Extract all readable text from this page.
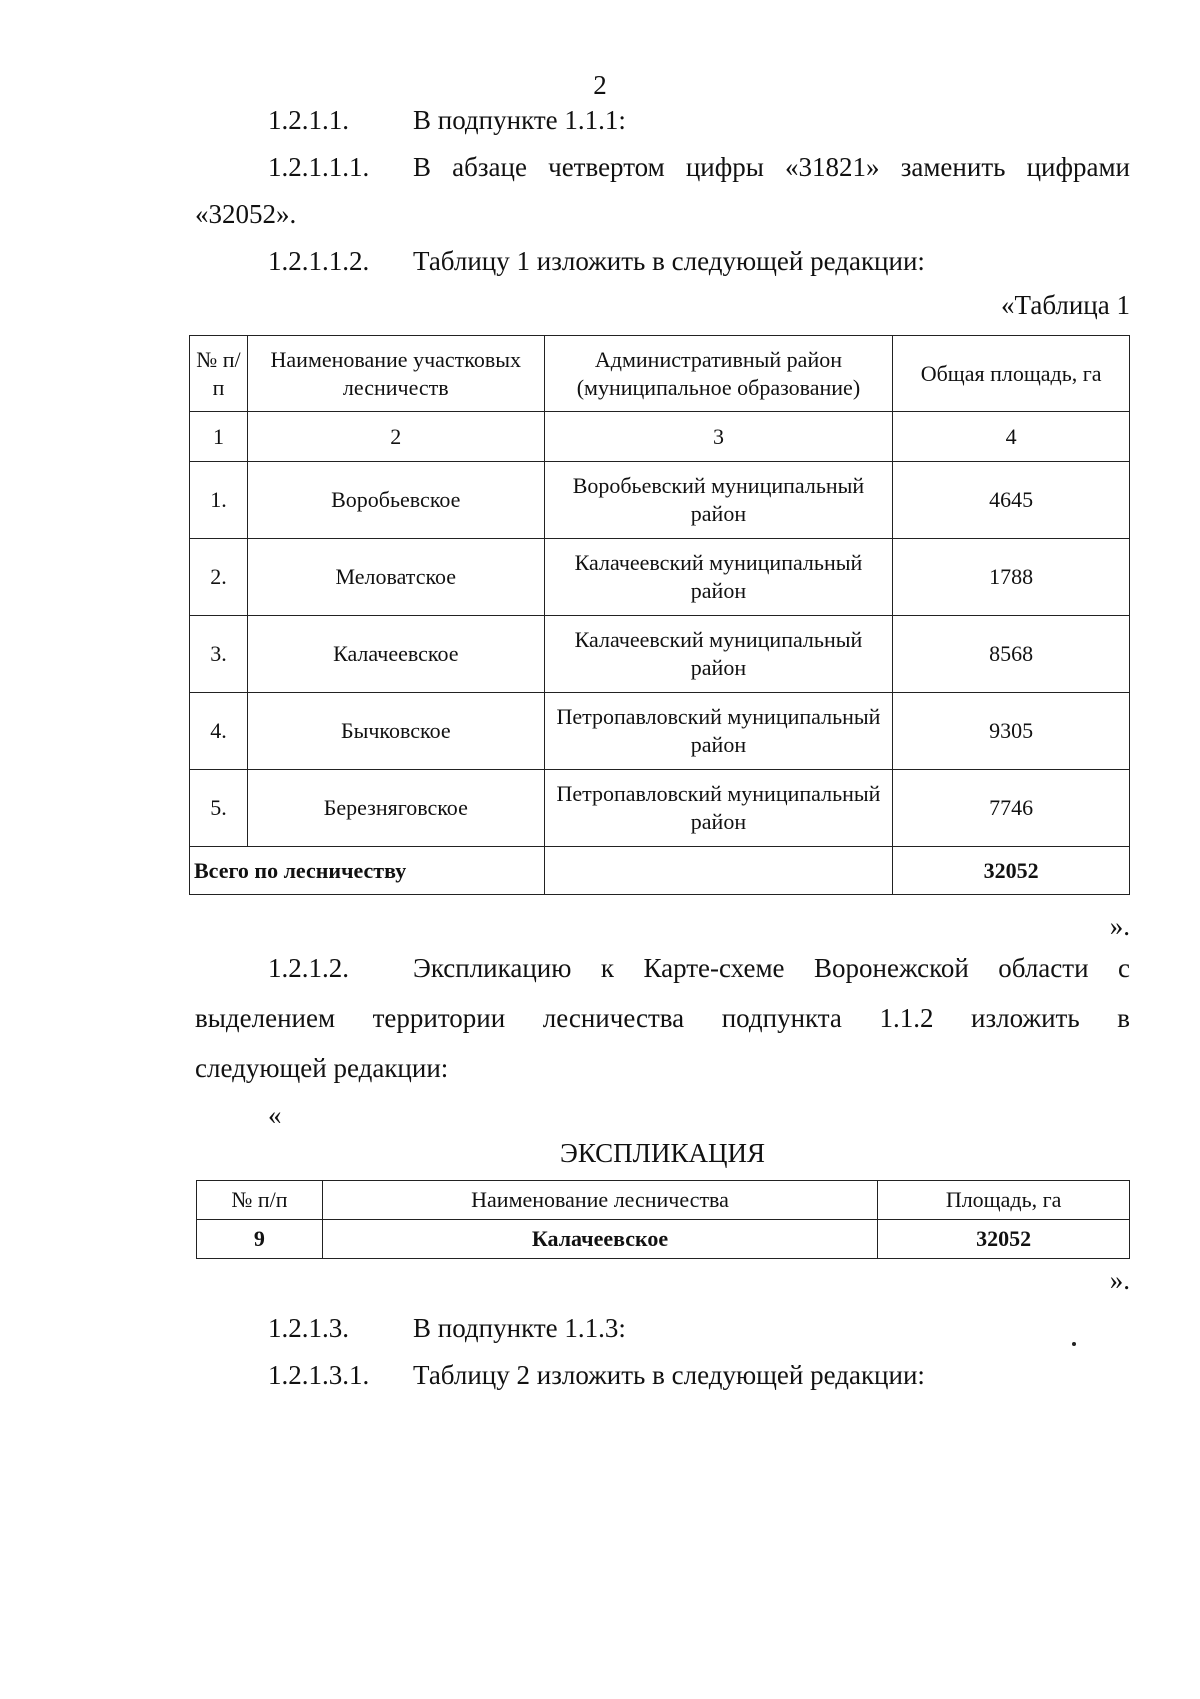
2
1.2.1.1. В подпункте 1.1.1:
1.2.1.1.1. В абзаце четвертом цифры «31821» заменить цифрами
«32052».
1.2.1.1.2. Таблицу 1 изложить в следующей редакции:
«Таблица 1
№ п/п	Наименование участковых лесничеств	Административный район (муниципальное образование)	Общая площадь, га
1	2	3	4
1.	Воробьевское	Воробьевский муниципальный район	4645
2.	Меловатское	Калачеевский муниципальный район	1788
3.	Калачеевское	Калачеевский муниципальный район	8568
4.	Бычковское	Петропавловский муниципальный район	9305
5.	Березняговское	Петропавловский муниципальный район	7746
Всего по лесничеству			32052
».
1.2.1.2. Экспликацию к Карте-схеме Воронежской области с
выделением территории лесничества подпункта 1.1.2 изложить в
следующей редакции:
«
ЭКСПЛИКАЦИЯ
№ п/п	Наименование лесничества	Площадь, га
9	Калачеевское	32052
».
1.2.1.3. В подпункте 1.1.3:
1.2.1.3.1. Таблицу 2 изложить в следующей редакции:
